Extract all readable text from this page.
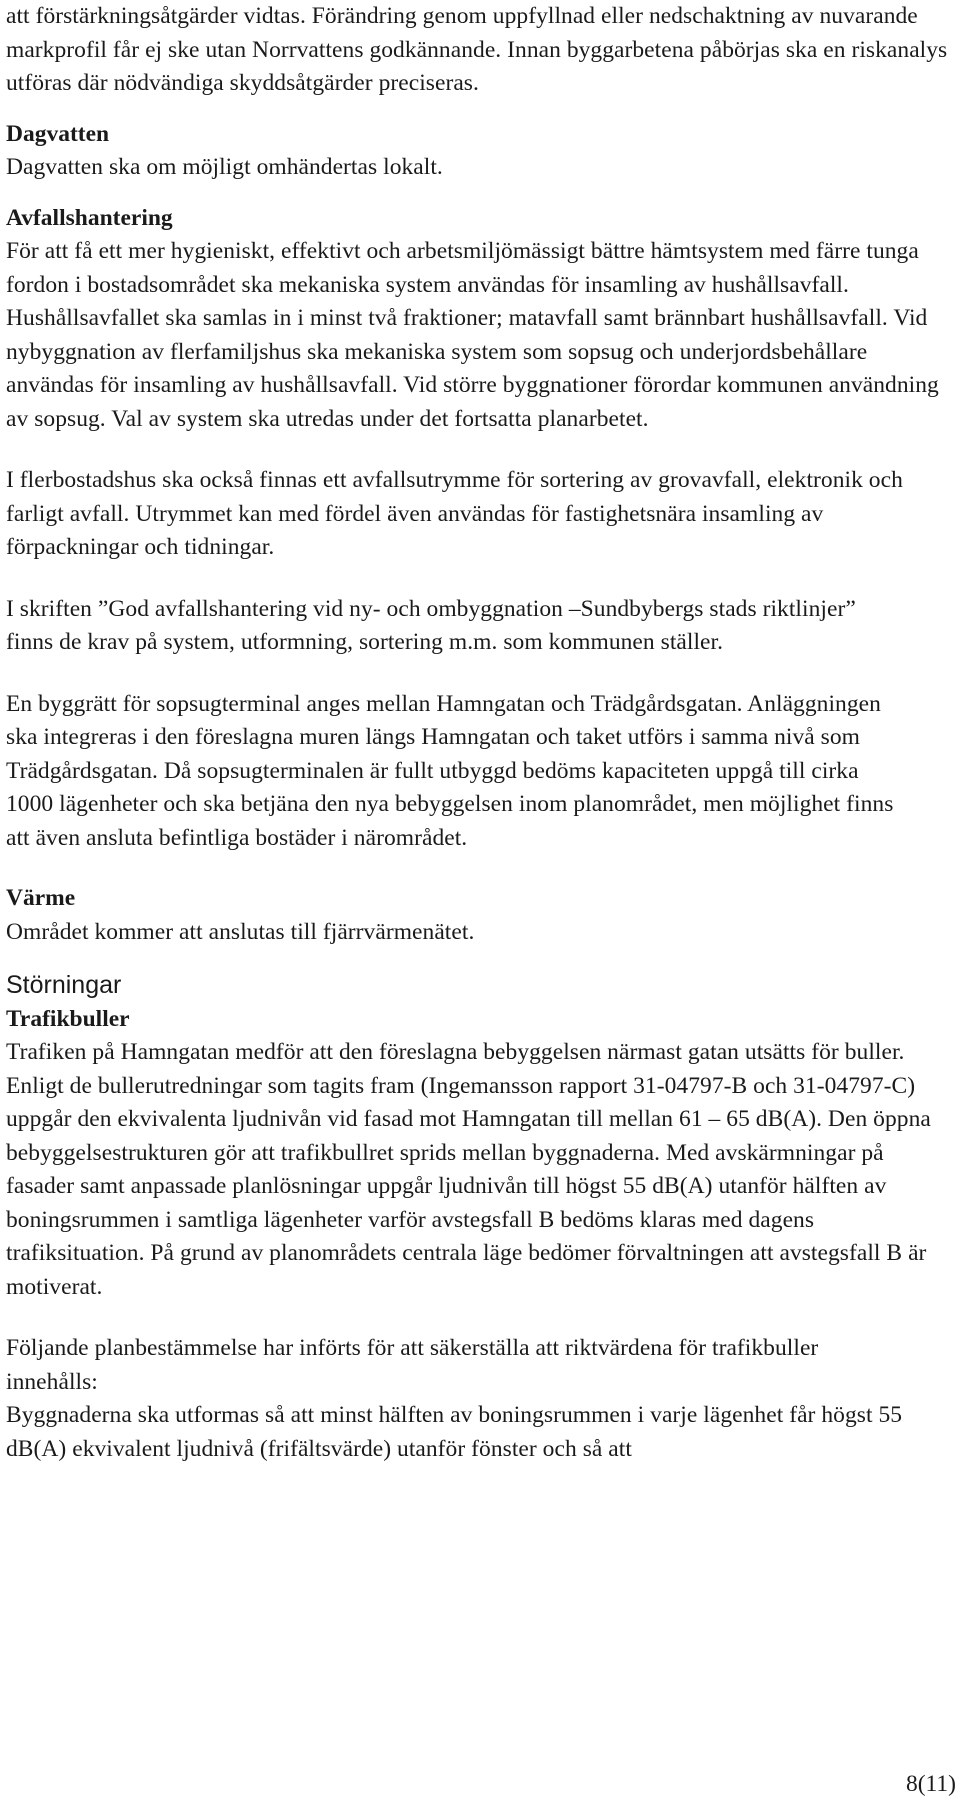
att förstärkningsåtgärder vidtas. Förändring genom uppfyllnad eller nedschaktning av nuvarande markprofil får ej ske utan Norrvattens godkännande. Innan byggarbetena påbörjas ska en riskanalys utföras där nödvändiga skyddsåtgärder preciseras.

Dagvatten

Dagvatten ska om möjligt omhändertas lokalt.

Avfallshantering

För att få ett mer hygieniskt, effektivt och arbetsmiljömässigt bättre hämtsystem med färre tunga fordon i bostadsområdet ska mekaniska system användas för insamling av hushållsavfall. Hushållsavfallet ska samlas in i minst två fraktioner; matavfall samt brännbart hushållsavfall. Vid nybyggnation av flerfamiljshus ska mekaniska system som sopsug och underjordsbehållare användas för insamling av hushållsavfall. Vid större byggnationer förordar kommunen användning av sopsug. Val av system ska utredas under det fortsatta planarbetet.

I flerbostadshus ska också finnas ett avfallsutrymme för sortering av grovavfall, elektronik och farligt avfall. Utrymmet kan med fördel även användas för fastighetsnära insamling av förpackningar och tidningar.

I skriften ”God avfallshantering vid ny- och ombyggnation –Sundbybergs stads riktlinjer” finns de krav på system, utformning, sortering m.m. som kommunen ställer.

En byggrätt för sopsugterminal anges mellan Hamngatan och Trädgårdsgatan. Anläggningen ska integreras i den föreslagna muren längs Hamngatan och taket utförs i samma nivå som Trädgårdsgatan. Då sopsugterminalen är fullt utbyggd bedöms kapaciteten uppgå till cirka 1000 lägenheter och ska betjäna den nya bebyggelsen inom planområdet, men möjlighet finns att även ansluta befintliga bostäder i närområdet.

Värme

Området kommer att anslutas till fjärrvärmenätet.

Störningar

Trafikbuller

Trafiken på Hamngatan medför att den föreslagna bebyggelsen närmast gatan utsätts för buller. Enligt de bullerutredningar som tagits fram (Ingemansson rapport 31-04797-B och 31-04797-C) uppgår den ekvivalenta ljudnivån vid fasad mot Hamngatan till mellan 61 – 65 dB(A). Den öppna bebyggelsestrukturen gör att trafikbullret sprids mellan byggnaderna. Med avskärmningar på fasader samt anpassade planlösningar uppgår ljudnivån till högst 55 dB(A) utanför hälften av boningsrummen i samtliga lägenheter varför avstegsfall B bedöms klaras med dagens trafiksituation. På grund av planområdets centrala läge bedömer förvaltningen att avstegsfall B är motiverat.

Följande planbestämmelse har införts för att säkerställa att riktvärdena för trafikbuller innehålls:

Byggnaderna ska utformas så att minst hälften av boningsrummen i varje lägenhet får högst 55 dB(A) ekvivalent ljudnivå (frifältsvärde) utanför fönster och så att

8(11)
